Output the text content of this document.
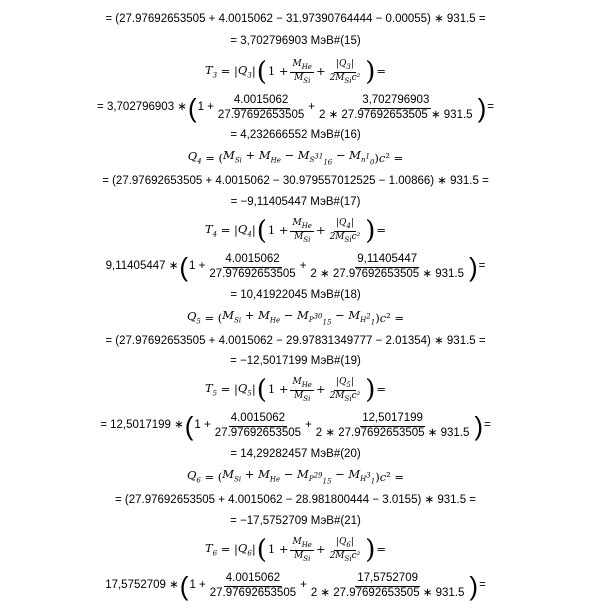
= (27.97692653505 + 4.0015062 − 31.97390764444 − 0.00055) ∗ 931.5 =
= 3,702796903 МэВ#(15)
$T_3$ = | $Q_3$ | ( $1 + \frac{M_{He}}{M_{Si}} + \frac{|Q_3|}{2M_{Si}c^2}$ ) =
= 3,702796903 ∗ ( $1 + \frac{4.0015062}{27.97692653505} + \frac{3,702796903}{2 ∗ 27.97692653505 ∗ 931.5}$ ) =
= 4,232666552 МэВ#(16)
$Q_4$ = ( $M_{Si} + M_{He} - M_{S^{31}_{16}} - M_{n^1_0}$ )c² =
= (27.97692653505 + 4.0015062 − 30.979557012525 − 1.00866) ∗ 931.5 =
= −9,11405447 МэВ#(17)
$T_4$ = | $Q_4$ | ( $1 + \frac{M_{He}}{M_{Si}} + \frac{|Q_4|}{2M_{Si}c^2}$ ) =
9,11405447 ∗ ( $1 + \frac{4.0015062}{27.97692653505} + \frac{9,11405447}{2 ∗ 27.97692653505 ∗ 931.5}$ ) =
= 10,41922045 МэВ#(18)
$Q_5$ = ( $M_{Si} + M_{He} - M_{P^{30}_{15}} - M_{H^2_1}$ )c² =
= (27.97692653505 + 4.0015062 − 29.97831349777 − 2.01354) ∗ 931.5 =
= −12,5017199 МэВ#(19)
$T_5$ = | $Q_5$ | ( $1 + \frac{M_{He}}{M_{Si}} + \frac{|Q_5|}{2M_{Si}c^2}$ ) =
= 12,5017199 ∗ ( $1 + \frac{4.0015062}{27.97692653505} + \frac{12,5017199}{2 ∗ 27.97692653505 ∗ 931.5}$ ) =
= 14,29282457 МэВ#(20)
$Q_6$ = ( $M_{Si} + M_{He} - M_{P^{29}_{15}} - M_{H^3_1}$ )c² =
= (27.97692653505 + 4.0015062 − 28.981800444 − 3.0155) ∗ 931.5 =
= −17,5752709 МэВ#(21)
$T_6$ = | $Q_6$ | ( $1 + \frac{M_{He}}{M_{Si}} + \frac{|Q_6|}{2M_{Si}c^2}$ ) =
17,5752709 ∗ ( $1 + \frac{4.0015062}{27.97692653505} + \frac{17,5752709}{2 ∗ 27.97692653505 ∗ 931.5}$ ) =
